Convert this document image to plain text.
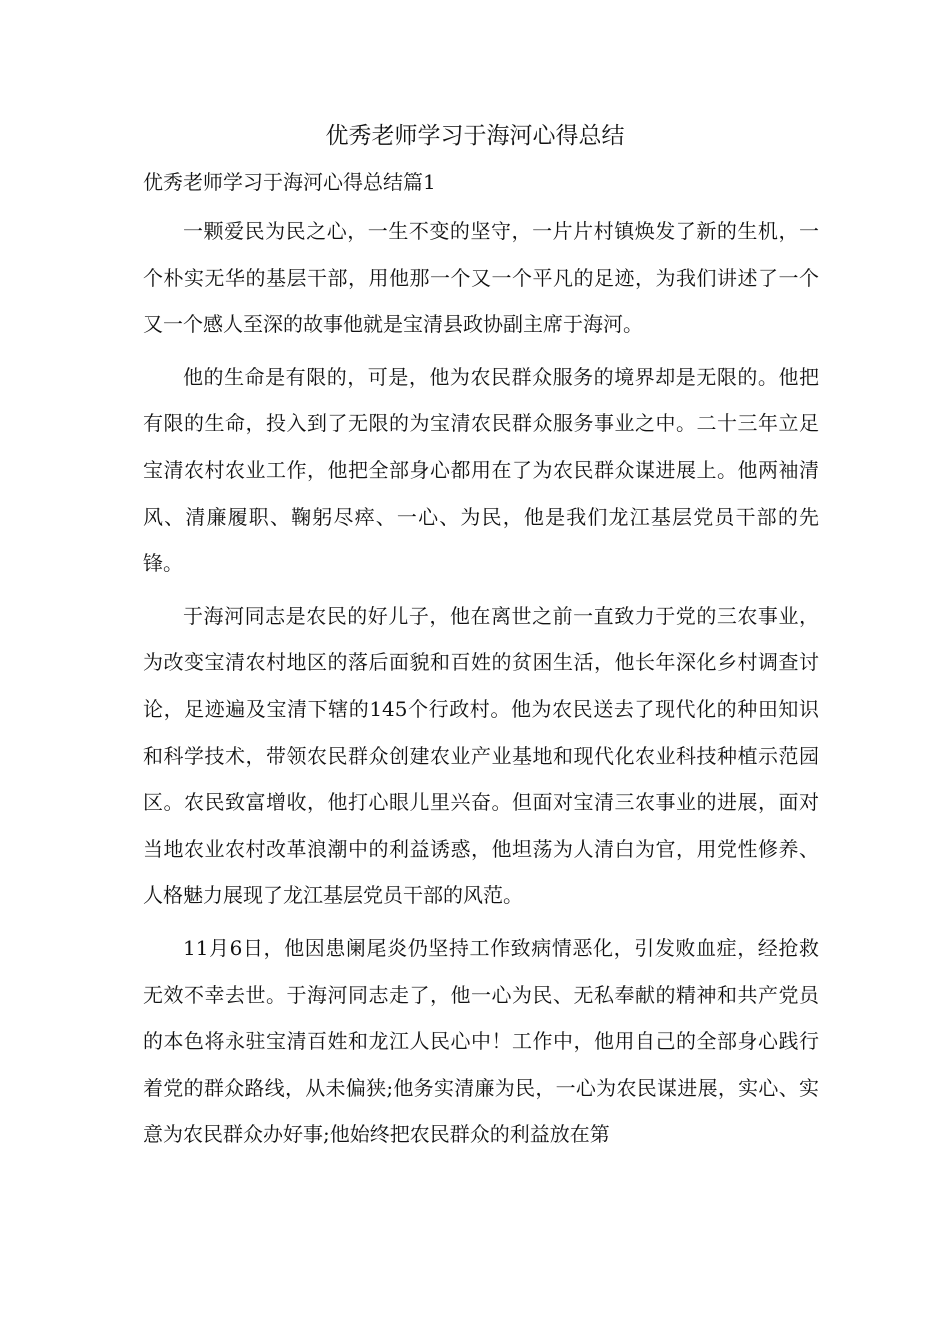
优秀老师学习于海河心得总结
优秀老师学习于海河心得总结篇1

一颗爱民为民之心，一生不变的坚守，一片片村镇焕发了新的生机，一个朴实无华的基层干部，用他那一个又一个平凡的足迹，为我们讲述了一个又一个感人至深的故事他就是宝清县政协副主席于海河。

他的生命是有限的，可是，他为农民群众服务的境界却是无限的。他把有限的生命，投入到了无限的为宝清农民群众服务事业之中。二十三年立足宝清农村农业工作，他把全部身心都用在了为农民群众谋进展上。他两袖清风、清廉履职、鞠躬尽瘁、一心、为民，他是我们龙江基层党员干部的先锋。

于海河同志是农民的好儿子，他在离世之前一直致力于党的三农事业，为改变宝清农村地区的落后面貌和百姓的贫困生活，他长年深化乡村调查讨论，足迹遍及宝清下辖的145个行政村。他为农民送去了现代化的种田知识和科学技术，带领农民群众创建农业产业基地和现代化农业科技种植示范园区。农民致富增收，他打心眼儿里兴奋。但面对宝清三农事业的进展，面对当地农业农村改革浪潮中的利益诱惑，他坦荡为人清白为官，用党性修养、人格魅力展现了龙江基层党员干部的风范。

11月6日，他因患阑尾炎仍坚持工作致病情恶化，引发败血症，经抢救无效不幸去世。于海河同志走了，他一心为民、无私奉献的精神和共产党员的本色将永驻宝清百姓和龙江人民心中！工作中，他用自己的全部身心践行着党的群众路线，从未偏狭;他务实清廉为民，一心为农民谋进展，实心、实意为农民群众办好事;他始终把农民群众的利益放在第
